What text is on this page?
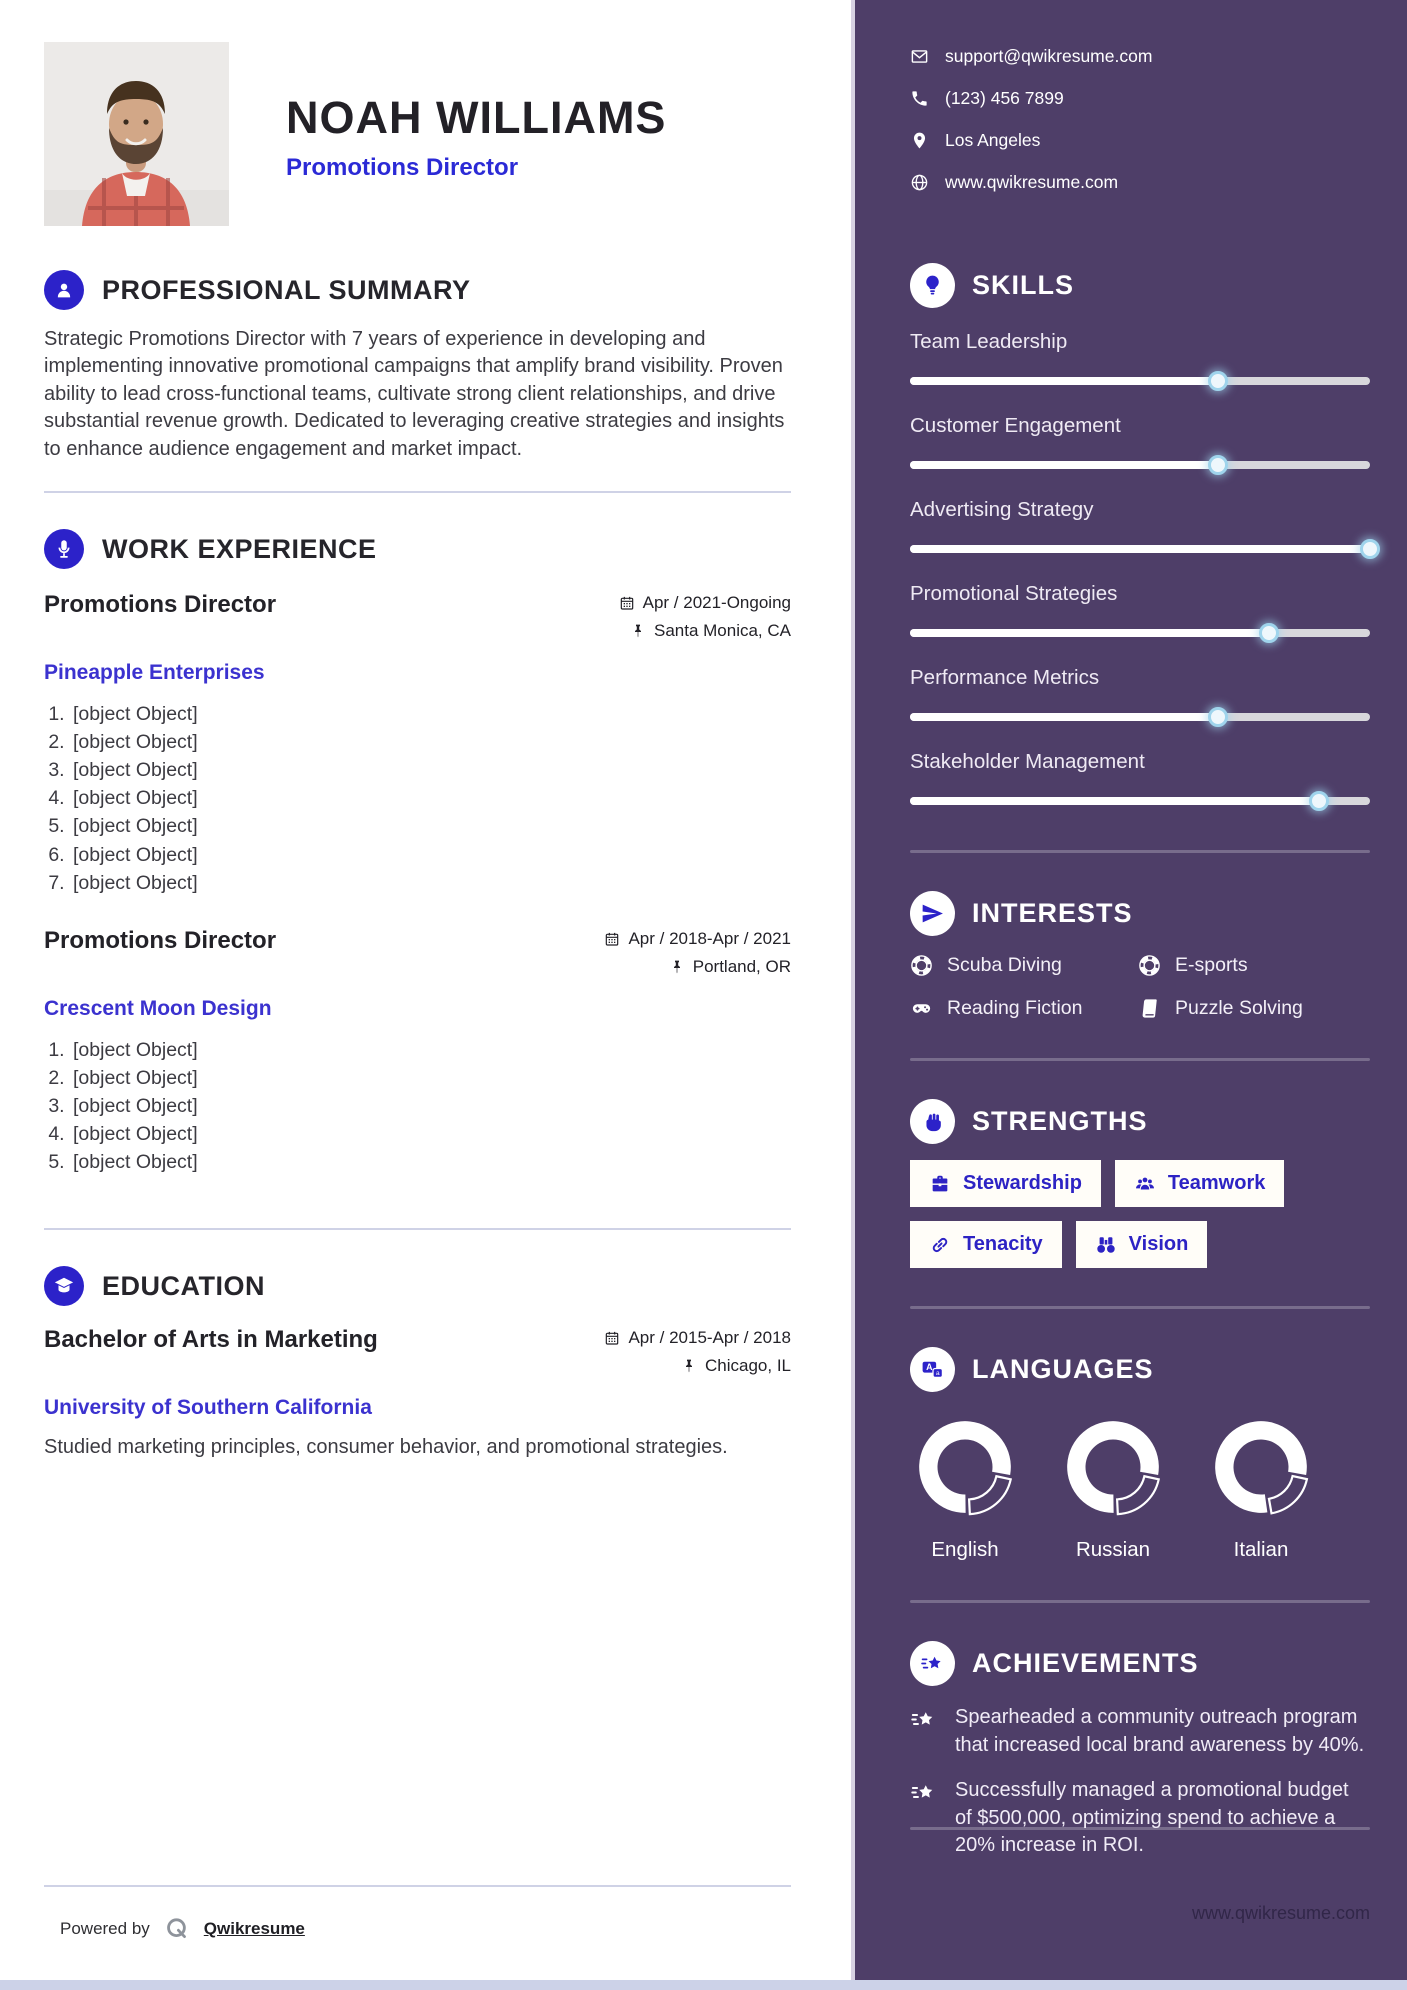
NOAH WILLIAMS
Promotions Director
PROFESSIONAL SUMMARY

Strategic Promotions Director with 7 years of experience in developing and implementing innovative promotional campaigns that amplify brand visibility. Proven ability to lead cross-functional teams, cultivate strong client relationships, and drive substantial revenue growth. Dedicated to leveraging creative strategies and insights to enhance audience engagement and market impact.

WORK EXPERIENCE
Promotions Director	Apr / 2021-Ongoing
Santa Monica, CA
Pineapple Enterprises
1. [object Object]
2. [object Object]
3. [object Object]
4. [object Object]
5. [object Object]
6. [object Object]
7. [object Object]
Promotions Director	Apr / 2018-Apr / 2021
Portland, OR
Crescent Moon Design
1. [object Object]
2. [object Object]
3. [object Object]
4. [object Object]
5. [object Object]
EDUCATION
Bachelor of Arts in Marketing	Apr / 2015-Apr / 2018
Chicago, IL
University of Southern California

Studied marketing principles, consumer behavior, and promotional strategies.

Powered by	Qwikresume
support@qwikresume.com
(123) 456 7899
Los Angeles
www.qwikresume.com
SKILLS
Team Leadership
Customer Engagement
Advertising Strategy
Promotional Strategies
Performance Metrics
Stakeholder Management
INTERESTS
Scuba Diving	E-sports
Reading Fiction	Puzzle Solving
STRENGTHS
Stewardship	Teamwork
Tenacity	Vision
A
a LANGUAGES
English	Russian	Italian
ACHIEVEMENTS

Spearheaded a community outreach program that increased local brand awareness by 40%.

Successfully managed a promotional budget of $500,000, optimizing spend to achieve a 20% increase in ROI.

www.qwikresume.com
